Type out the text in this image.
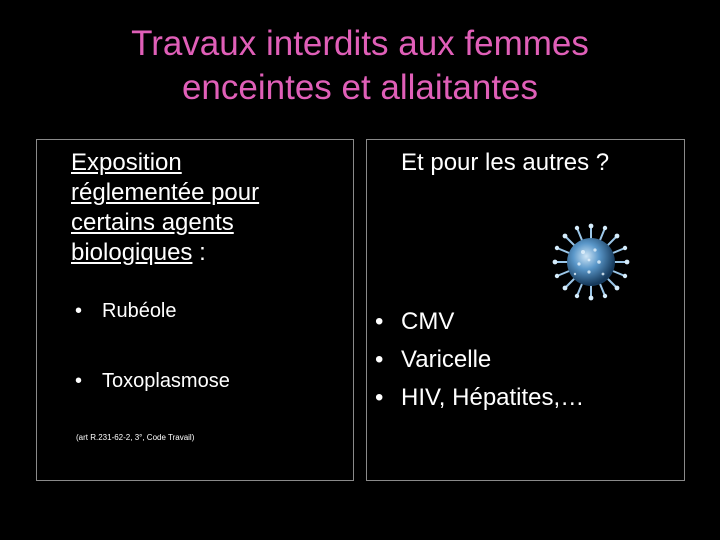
Travaux interdits aux femmes
enceintes et allaitantes
Exposition
réglementée pour
certains agents
biologiques :
• Rubéole
• Toxoplasmose
(art R.231-62-2, 3°, Code Travail)
Et pour les autres ?
• CMV
• Varicelle
• HIV, Hépatites,…
